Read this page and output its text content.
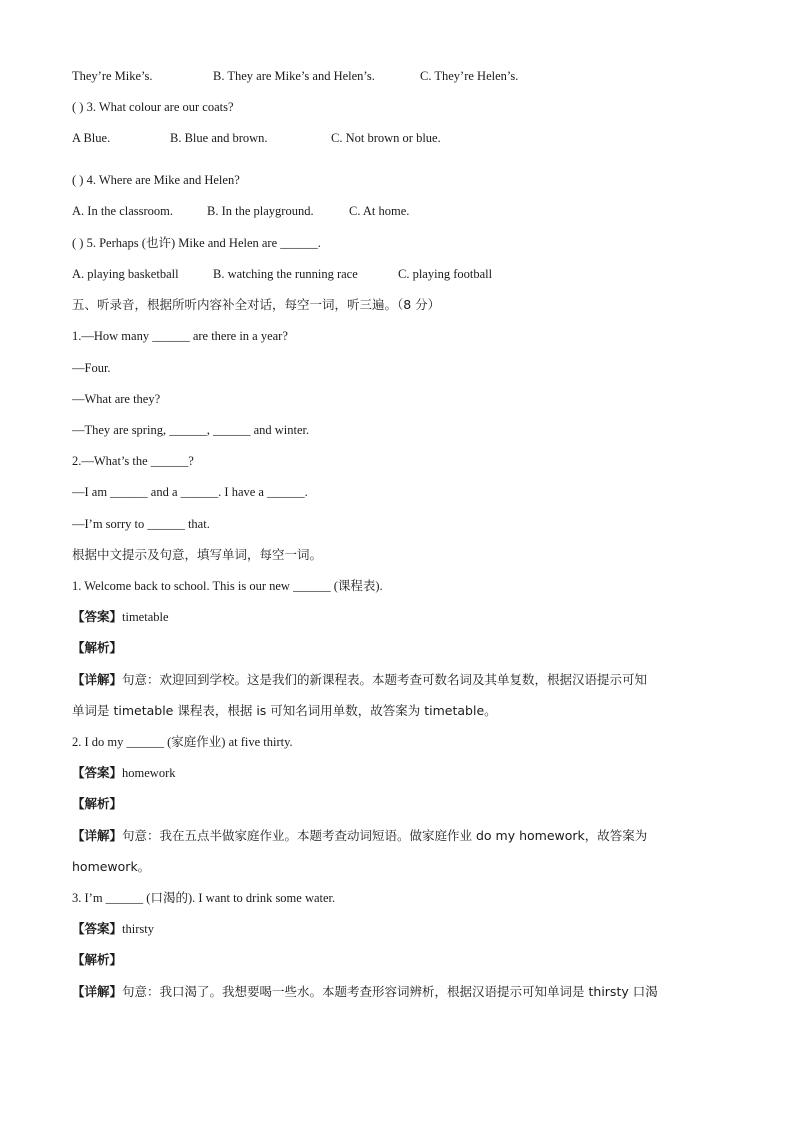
They’re Mike’s.	B. They are Mike’s and Helen’s.	C. They’re Helen’s.
( ) 3. What colour are our coats?
A Blue.	B. Blue and brown.	C. Not brown or blue.
( ) 4. Where are Mike and Helen?
A. In the classroom.	B. In the playground.	C. At home.
( ) 5. Perhaps (也许) Mike and Helen are ______.
A. playing basketball	B. watching the running race	C. playing football
五、听录音，根据所听内容补全对话，每空一词，听三遍。（8 分）
1.—How many ______ are there in a year?
—Four.
—What are they?
—They are spring, ______, ______ and winter.
2.—What’s the ______?
—I am ______ and a ______. I have a ______.
—I’m sorry to ______ that.
根据中文提示及句意，填写单词，每空一词。
1. Welcome back to school. This is our new ______ (课程表).
【答案】timetable
【解析】
【详解】句意：欢迎回到学校。这是我们的新课程表。本题考查可数名词及其单复数，根据汉语提示可知
单词是 timetable 课程表，根据 is 可知名词用单数，故答案为 timetable。
2. I do my ______ (家庭作业) at five thirty.
【答案】homework
【解析】
【详解】句意：我在五点半做家庭作业。本题考查动词短语。做家庭作业 do my homework，故答案为
homework。
3. I’m ______ (口渴的). I want to drink some water.
【答案】thirsty
【解析】
【详解】句意：我口渴了。我想要喝一些水。本题考查形容词辨析，根据汉语提示可知单词是 thirsty 口渴
